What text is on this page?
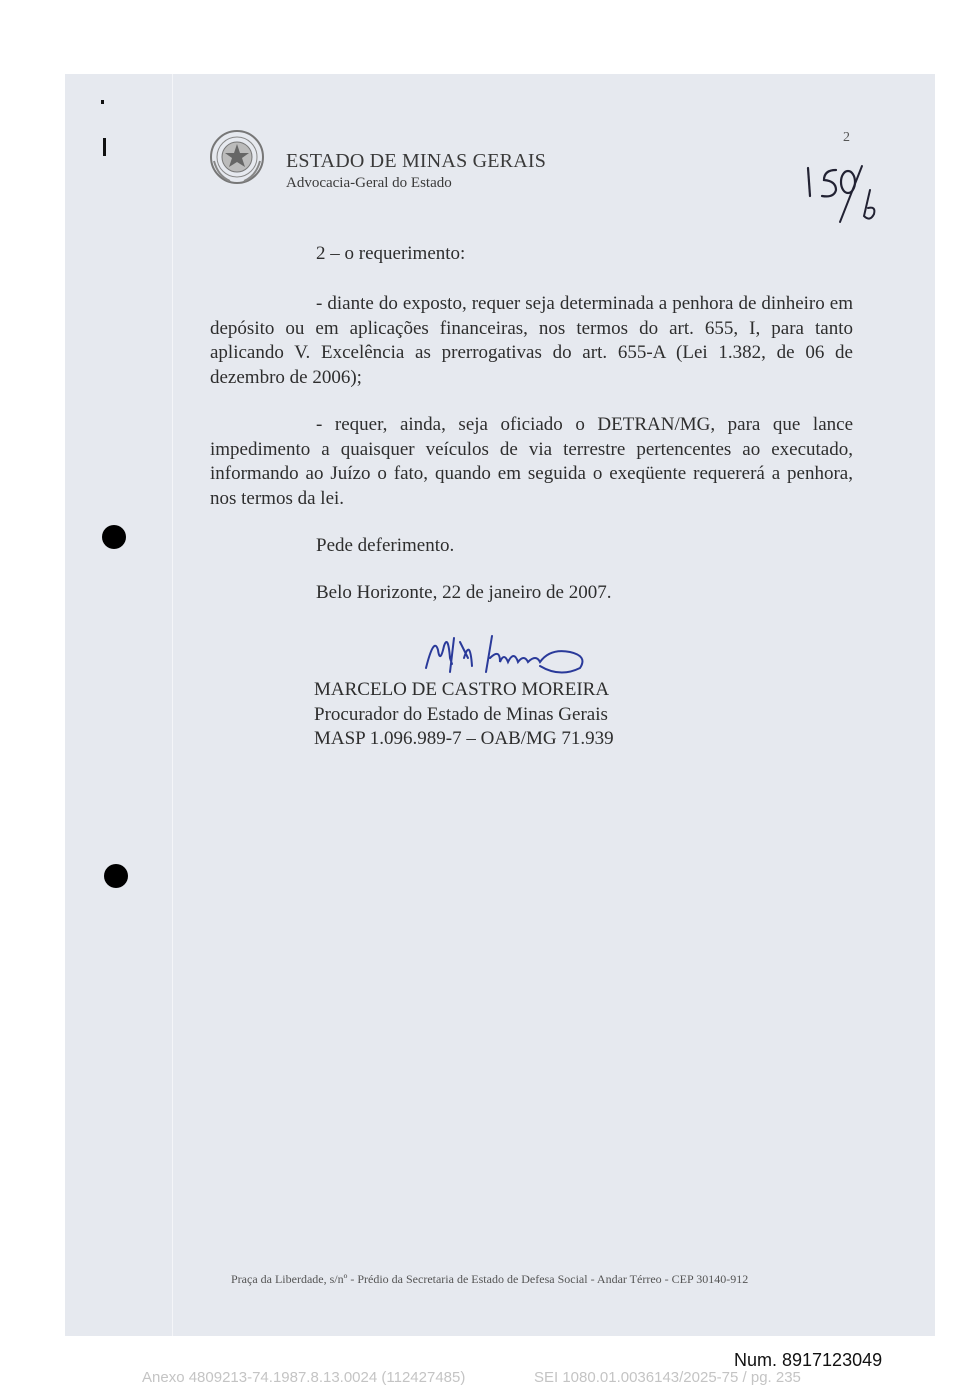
ESTADO DE MINAS GERAIS
Advocacia-Geral do Estado
2
2 – o requerimento:

- diante do exposto, requer seja determinada a penhora de dinheiro em depósito ou em aplicações financeiras, nos termos do art. 655, I, para tanto aplicando V. Excelência as prerrogativas do art. 655-A (Lei 1.382, de 06 de dezembro de 2006);

- requer, ainda, seja oficiado o DETRAN/MG, para que lance impedimento a quaisquer veículos de via terrestre pertencentes ao executado, informando ao Juízo o fato, quando em seguida o exeqüente requererá a penhora, nos termos da lei.

Pede deferimento.
Belo Horizonte, 22 de janeiro de 2007.
MARCELO DE CASTRO MOREIRA
Procurador do Estado de Minas Gerais
MASP 1.096.989-7 – OAB/MG 71.939
Praça da Liberdade, s/nº - Prédio da Secretaria de Estado de Defesa Social - Andar Térreo - CEP 30140-912
Num. 8917123049
Anexo 4809213-74.1987.8.13.0024 (112427485)	SEI 1080.01.0036143/2025-75 / pg. 235
